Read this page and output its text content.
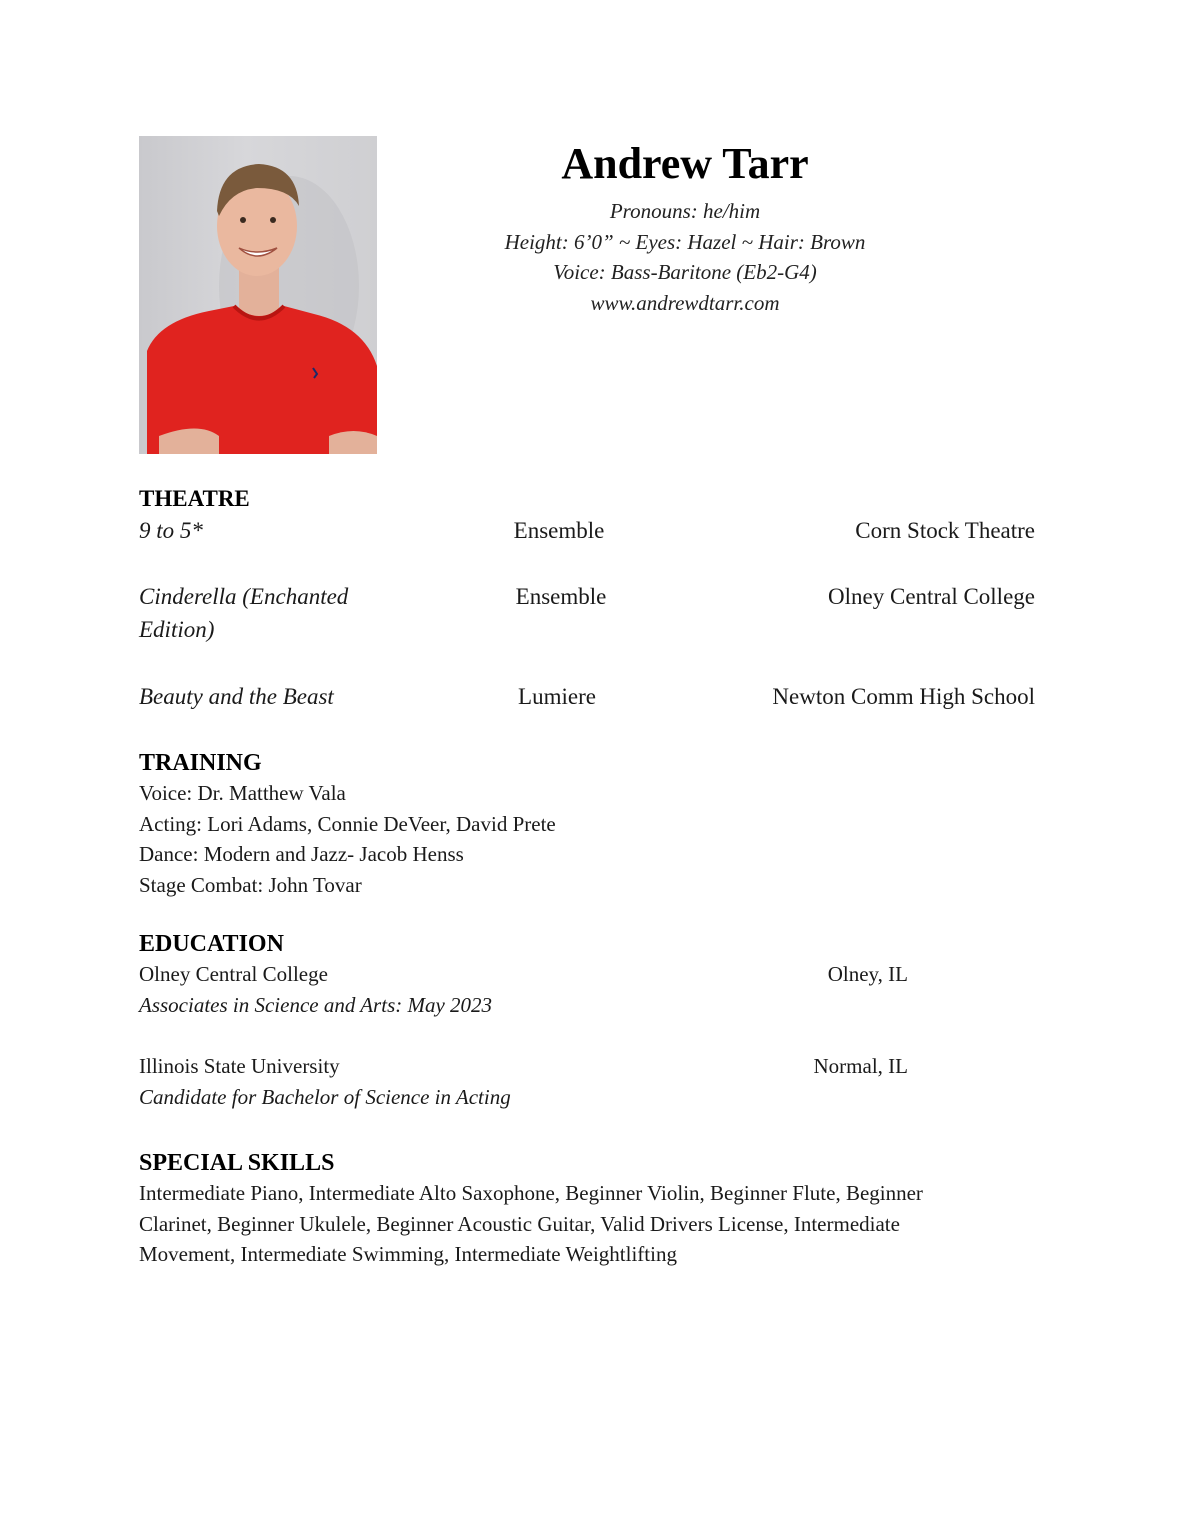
Andrew Tarr
Pronouns: he/him
Height: 6’0” ~ Eyes: Hazel ~ Hair: Brown
Voice: Bass-Baritone (Eb2-G4)
www.andrewdtarr.com
THEATRE
9 to 5*	Ensemble	Corn Stock Theatre
Cinderella (Enchanted	Ensemble	Olney Central College
Edition)
Beauty and the Beast	Lumiere	Newton Comm High School
TRAINING
Voice: Dr. Matthew Vala
Acting: Lori Adams, Connie DeVeer, David Prete
Dance: Modern and Jazz- Jacob Henss
Stage Combat: John Tovar
EDUCATION
Olney Central College	Olney, IL
Associates in Science and Arts: May 2023
Illinois State University	Normal, IL
Candidate for Bachelor of Science in Acting
SPECIAL SKILLS
Intermediate Piano, Intermediate Alto Saxophone, Beginner Violin, Beginner Flute, Beginner
Clarinet, Beginner Ukulele, Beginner Acoustic Guitar, Valid Drivers License, Intermediate
Movement, Intermediate Swimming, Intermediate Weightlifting
